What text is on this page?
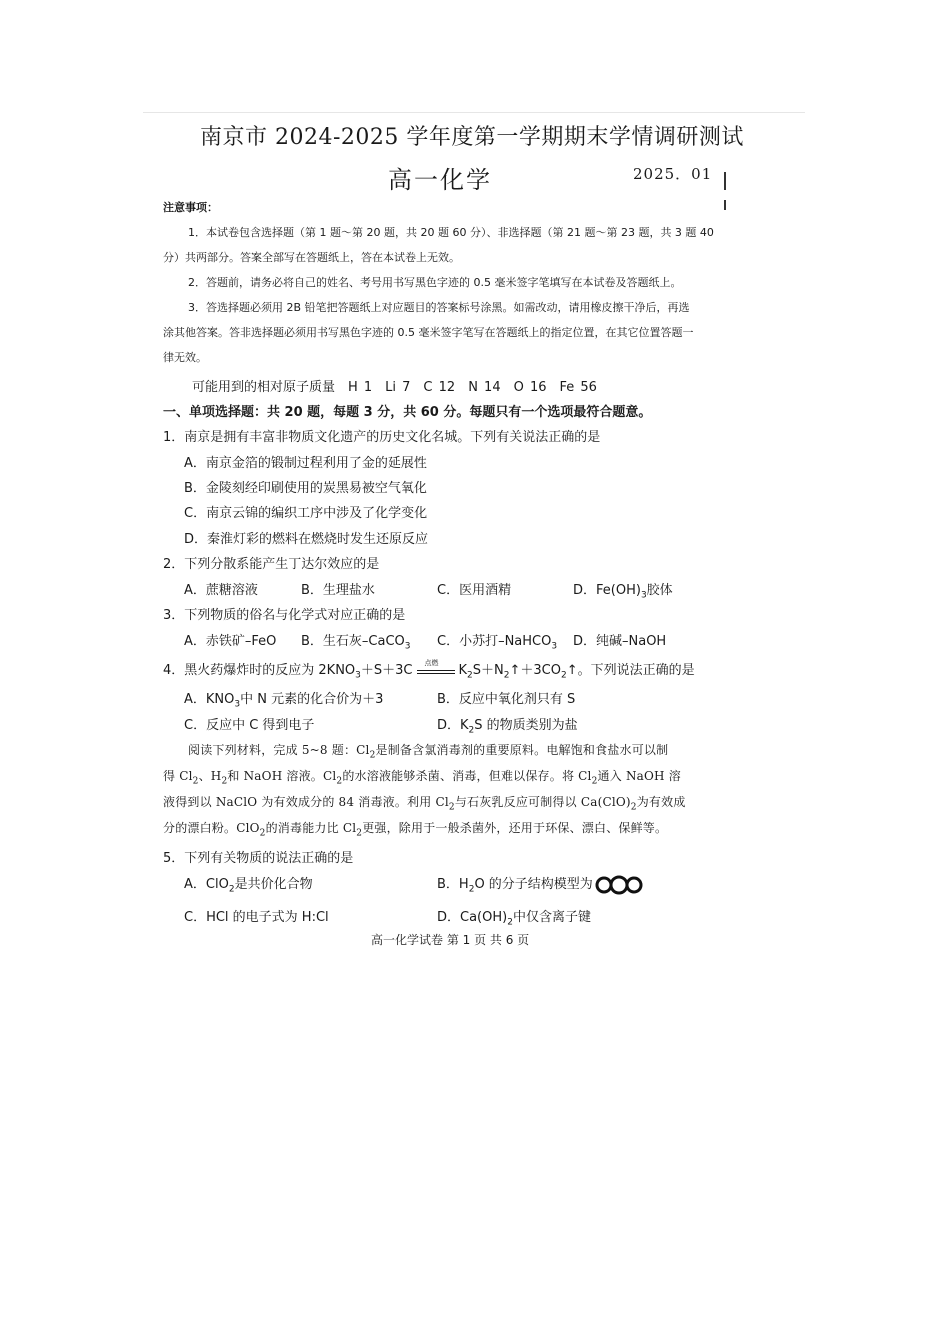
南京市 2024-2025 学年度第一学期期末学情调研测试
高一化学	2025．01
注意事项：
1．本试卷包含选择题（第 1 题～第 20 题，共 20 题 60 分）、非选择题（第 21 题～第 23 题，共 3 题 40
分）共两部分。答案全部写在答题纸上，答在本试卷上无效。
2．答题前，请务必将自己的姓名、考号用书写黑色字迹的 0.5 毫米签字笔填写在本试卷及答题纸上。
3．答选择题必须用 2B 铅笔把答题纸上对应题目的答案标号涂黑。如需改动，请用橡皮擦干净后，再选
涂其他答案。答非选择题必须用书写黑色字迹的 0.5 毫米签字笔写在答题纸上的指定位置，在其它位置答题一
律无效。
可能用到的相对原子质量　H 1　Li 7　C 12　N 14　O 16　Fe 56
一、单项选择题：共 20 题，每题 3 分，共 60 分。每题只有一个选项最符合题意。
1．南京是拥有丰富非物质文化遗产的历史文化名城。下列有关说法正确的是
A．南京金箔的锻制过程利用了金的延展性
B．金陵刻经印刷使用的炭黑易被空气氧化
C．南京云锦的编织工序中涉及了化学变化
D．秦淮灯彩的燃料在燃烧时发生还原反应
2．下列分散系能产生丁达尔效应的是
A．蔗糖溶液	B．生理盐水	C．医用酒精	D．$Fe(OH)_3$胶体
3．下列物质的俗名与化学式对应正确的是
A．赤铁矿–FeO B．生石灰–CaCO$_3$ C．小苏打–NaHCO$_3$ D．纯碱–NaOH
4．黑火药爆炸时的反应为 $2KNO_3+S+3C$
点燃
$K_2S+N_2↑+3CO_2↑$。下列说法正确的是
A．$KNO_3$中 N 元素的化合价为＋3	B．反应中氧化剂只有 S
C．反应中 C 得到电子	D．$K_2S$ 的物质类别为盐
阅读下列材料，完成 5~8 题：$Cl_2$是制备含氯消毒剂的重要原料。电解饱和食盐水可以制
得 $Cl_2$、$H_2$和 NaOH 溶液。$Cl_2$的水溶液能够杀菌、消毒，但难以保存。将 $Cl_2$通入 NaOH 溶
液得到以 NaClO 为有效成分的 84 消毒液。利用 $Cl_2$与石灰乳反应可制得以 $Ca(ClO)_2$为有效成
分的漂白粉。ClO$_2$的消毒能力比 $Cl_2$更强，除用于一般杀菌外，还用于环保、漂白、保鲜等。
5．下列有关物质的说法正确的是
A．ClO$_2$是共价化合物	B．$H_2O$ 的分子结构模型为
C．HCl 的电子式为 H:Cl	D．$Ca(OH)_2$中仅含离子键
高一化学试卷 第 1 页 共 6 页
